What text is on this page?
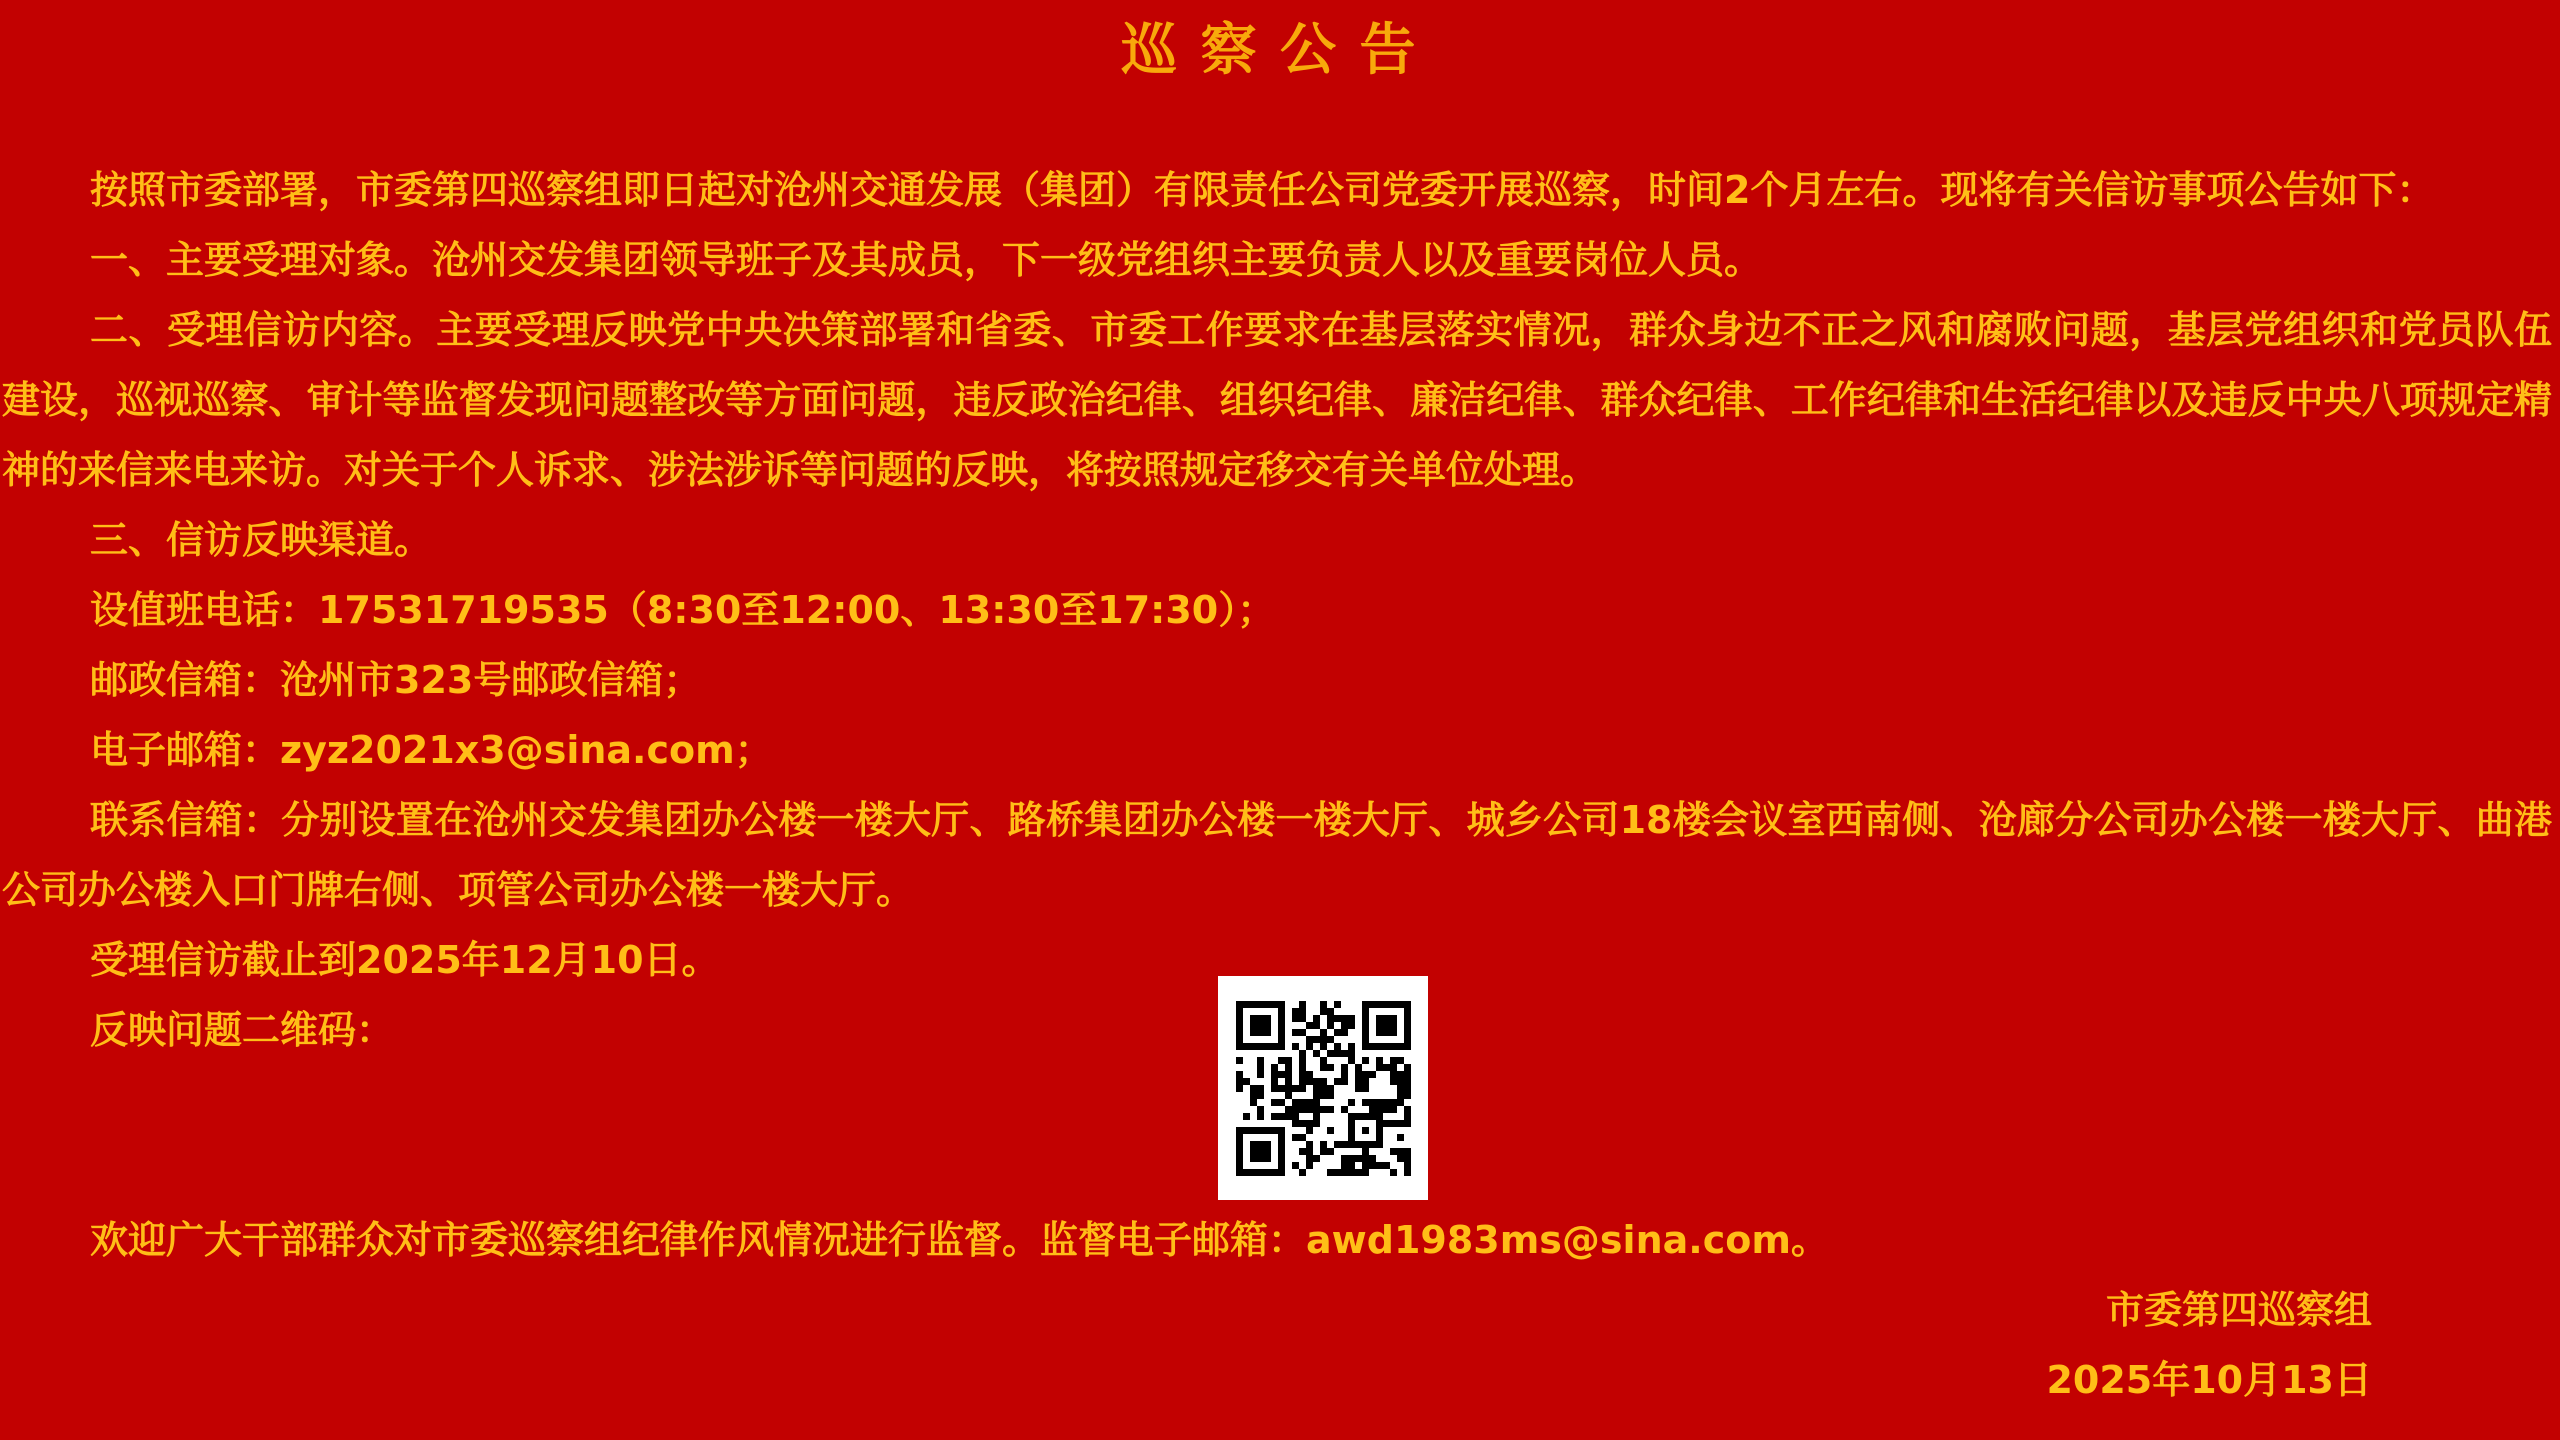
巡察公告

按照市委部署，市委第四巡察组即日起对沧州交通发展（集团）有限责任公司党委开展巡察，时间2个月左右。现将有关信访事项公告如下：

一、主要受理对象。沧州交发集团领导班子及其成员，下一级党组织主要负责人以及重要岗位人员。

二、受理信访内容。主要受理反映党中央决策部署和省委、市委工作要求在基层落实情况，群众身边不正之风和腐败问题，基层党组织和党员队伍建设，巡视巡察、审计等监督发现问题整改等方面问题，违反政治纪律、组织纪律、廉洁纪律、群众纪律、工作纪律和生活纪律以及违反中央八项规定精神的来信来电来访。对关于个人诉求、涉法涉诉等问题的反映，将按照规定移交有关单位处理。

三、信访反映渠道。

设值班电话：17531719535（8:30至12:00、13:30至17:30）；

邮政信箱：沧州市323号邮政信箱；

电子邮箱：zyz2021x3@sina.com；

联系信箱：分别设置在沧州交发集团办公楼一楼大厅、路桥集团办公楼一楼大厅、城乡公司18楼会议室西南侧、沧廊分公司办公楼一楼大厅、曲港公司办公楼入口门牌右侧、项管公司办公楼一楼大厅。

受理信访截止到2025年12月10日。

反映问题二维码：

欢迎广大干部群众对市委巡察组纪律作风情况进行监督。监督电子邮箱：awd1983ms@sina.com。

市委第四巡察组

2025年10月13日
